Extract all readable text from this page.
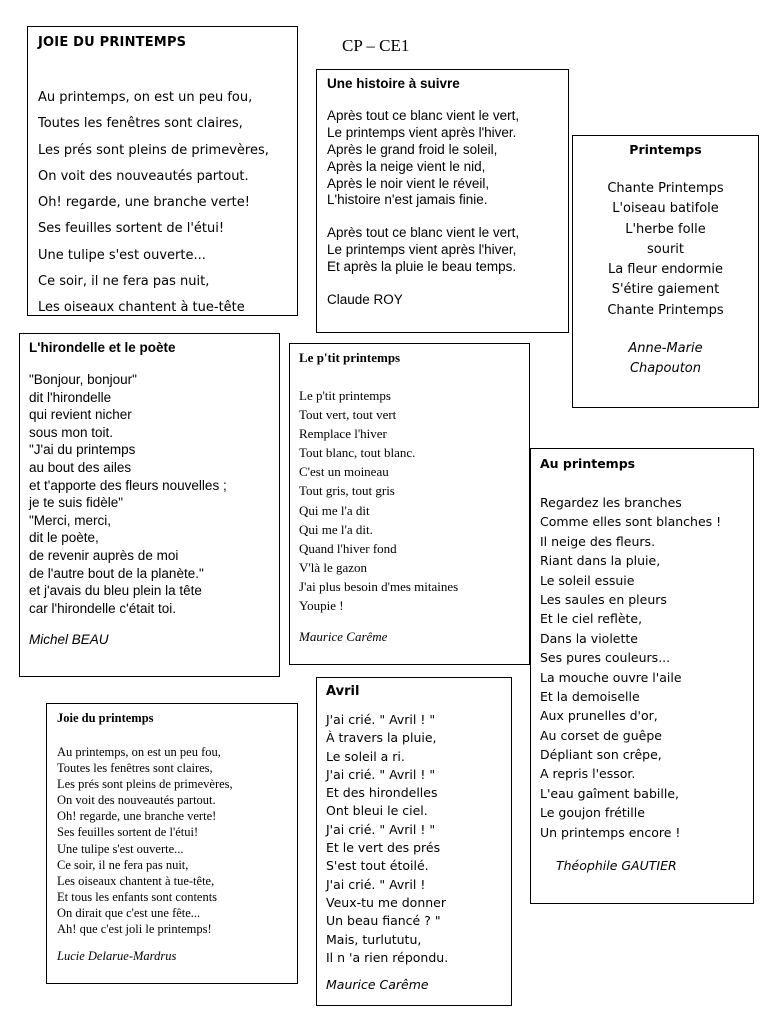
CP – CE1
JOIE DU PRINTEMPS
Au printemps, on est un peu fou,
Toutes les fenêtres sont claires,
Les prés sont pleins de primevères,
On voit des nouveautés partout.
Oh! regarde, une branche verte!
Ses feuilles sortent de l'étui!
Une tulipe s'est ouverte...
Ce soir, il ne fera pas nuit,
Les oiseaux chantent à tue-tête
Une histoire à suivre
Après tout ce blanc vient le vert,
Le printemps vient après l'hiver.
Après le grand froid le soleil,
Après la neige vient le nid,
Après le noir vient le réveil,
L'histoire n'est jamais finie.
Après tout ce blanc vient le vert,
Le printemps vient après l'hiver,
Et après la pluie le beau temps.
Claude ROY
Printemps
Chante Printemps
L'oiseau batifole
L'herbe folle
sourit
La fleur endormie
S'étire gaiement
Chante Printemps
Anne-Marie
Chapouton
L'hirondelle et le poète
"Bonjour, bonjour"
dit l'hirondelle
qui revient nicher
sous mon toit.
"J'ai du printemps
au bout des ailes
et t'apporte des fleurs nouvelles ;
je te suis fidèle"
"Merci, merci,
dit le poète,
de revenir auprès de moi
de l'autre bout de la planète."
et j'avais du bleu plein la tête
car l'hirondelle c'était toi.
Michel BEAU
Le p'tit printemps
Le p'tit printemps
Tout vert, tout vert
Remplace l'hiver
Tout blanc, tout blanc.
C'est un moineau
Tout gris, tout gris
Qui me l'a dit
Qui me l'a dit.
Quand l'hiver fond
V'là le gazon
J'ai plus besoin d'mes mitaines
Youpie !
Maurice Carême
Au printemps
Regardez les branches
Comme elles sont blanches !
Il neige des fleurs.
Riant dans la pluie,
Le soleil essuie
Les saules en pleurs
Et le ciel reflète,
Dans la violette
Ses pures couleurs...
La mouche ouvre l'aile
Et la demoiselle
Aux prunelles d'or,
Au corset de guêpe
Dépliant son crêpe,
A repris l'essor.
L'eau gaîment babille,
Le goujon frétille
Un printemps encore !
Théophile GAUTIER
Joie du printemps
Au printemps, on est un peu fou,
Toutes les fenêtres sont claires,
Les prés sont pleins de primevères,
On voit des nouveautés partout.
Oh! regarde, une branche verte!
Ses feuilles sortent de l'étui!
Une tulipe s'est ouverte...
Ce soir, il ne fera pas nuit,
Les oiseaux chantent à tue-tête,
Et tous les enfants sont contents
On dirait que c'est une fête...
Ah! que c'est joli le printemps!
Lucie Delarue-Mardrus
Avril
J'ai crié. " Avril ! "
À travers la pluie,
Le soleil a ri.
J'ai crié. " Avril ! "
Et des hirondelles
Ont bleui le ciel.
J'ai crié. " Avril ! "
Et le vert des prés
S'est tout étoilé.
J'ai crié. " Avril !
Veux-tu me donner
Un beau fiancé ? "
Mais, turlututu,
Il n 'a rien répondu.
Maurice Carême
